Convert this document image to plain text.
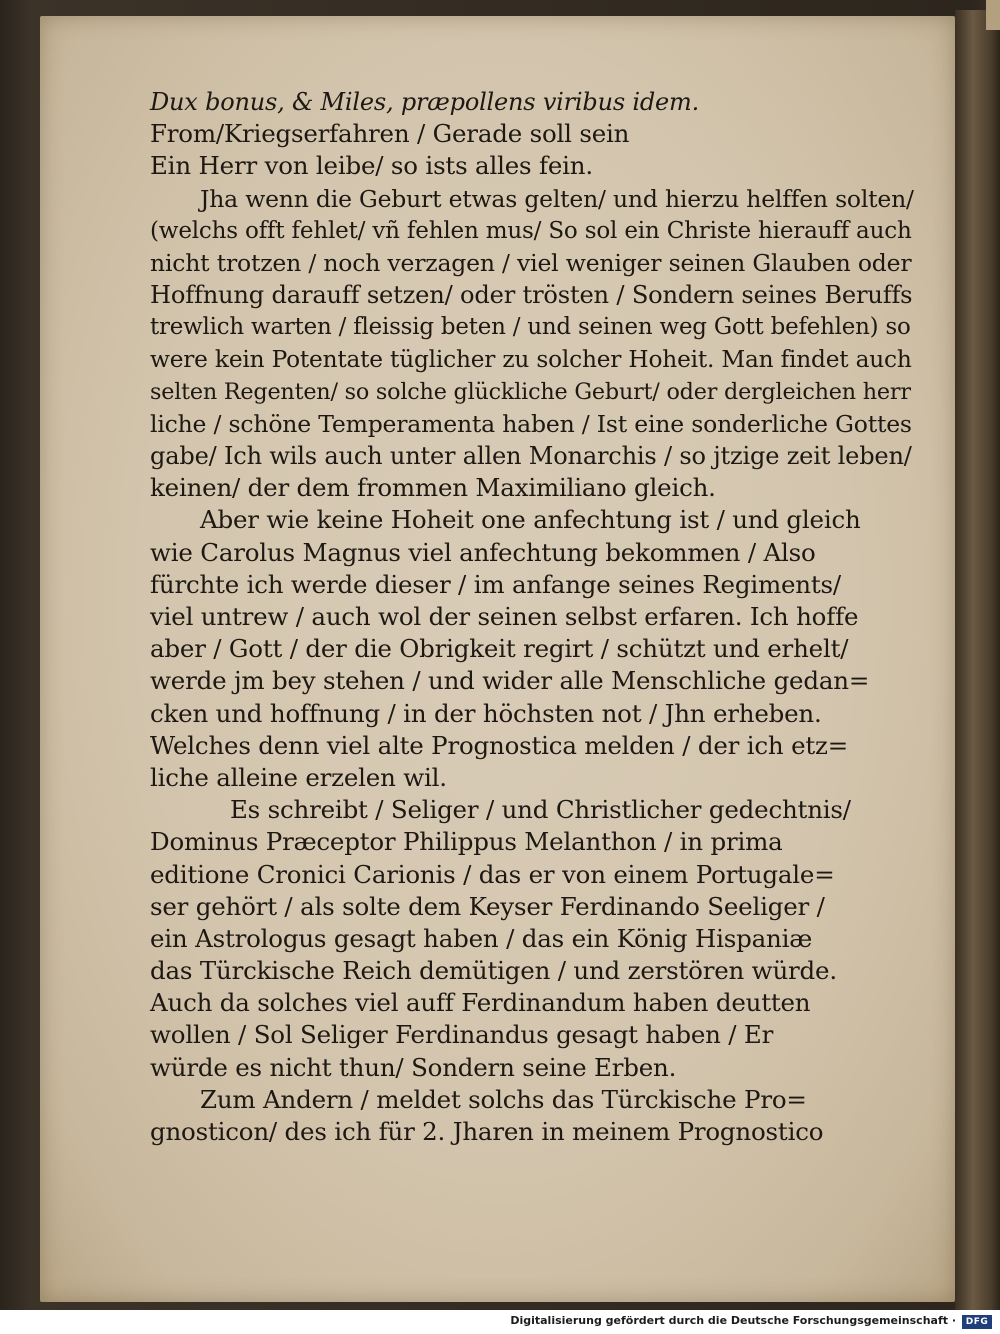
Dux bonus, & Miles, præpollens viribus idem.
From/Kriegserfahren / Gerade soll sein
Ein Herr von leibe/ so ists alles fein.
Jha wenn die Geburt etwas gelten/ und hierzu helffen solten/
(welchs offt fehlet/ vñ fehlen mus/ So sol ein Christe hierauff auch
nicht trotzen / noch verzagen / viel weniger seinen Glauben oder
Hoffnung darauff setzen/ oder trösten / Sondern seines Beruffs
trewlich warten / fleissig beten / und seinen weg Gott befehlen) so
were kein Potentate tüglicher zu solcher Hoheit. Man findet auch
selten Regenten/ so solche glückliche Geburt/ oder dergleichen herr
liche / schöne Temperamenta haben / Ist eine sonderliche Gottes
gabe/ Ich wils auch unter allen Monarchis / so jtzige zeit leben/
keinen/ der dem frommen Maximiliano gleich.
Aber wie keine Hoheit one anfechtung ist / und gleich
wie Carolus Magnus viel anfechtung bekommen / Also
fürchte ich werde dieser / im anfange seines Regiments/
viel untrew / auch wol der seinen selbst erfaren. Ich hoffe
aber / Gott / der die Obrigkeit regirt / schützt und erhelt/
werde jm bey stehen / und wider alle Menschliche gedan=
cken und hoffnung / in der höchsten not / Jhn erheben.
Welches denn viel alte Prognostica melden / der ich etz=
liche alleine erzelen wil.
Es schreibt / Seliger / und Christlicher gedechtnis/
Dominus Præceptor Philippus Melanthon / in prima
editione Cronici Carionis / das er von einem Portugale=
ser gehört / als solte dem Keyser Ferdinando Seeliger /
ein Astrologus gesagt haben / das ein König Hispaniæ
das Türckische Reich demütigen / und zerstören würde.
Auch da solches viel auff Ferdinandum haben deutten
wollen / Sol Seliger Ferdinandus gesagt haben / Er
würde es nicht thun/ Sondern seine Erben.
Zum Andern / meldet solchs das Türckische Pro=
gnosticon/ des ich für 2. Jharen in meinem Prognostico
Digitalisierung gefördert durch die Deutsche Forschungsgemeinschaft ·	DFG
